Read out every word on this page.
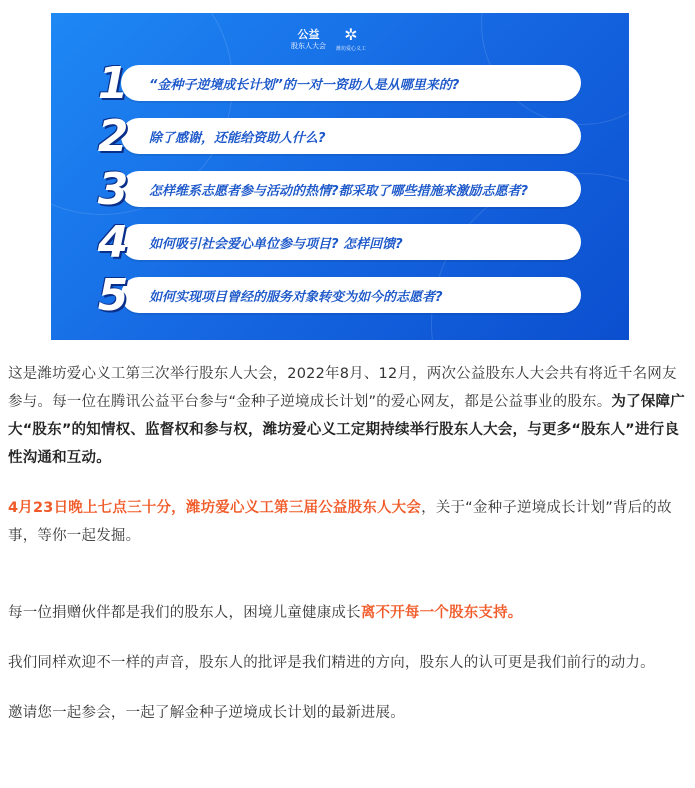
公益
股东人大会
✲
潍坊爱心义工
1	“金种子逆境成长计划”的一对一资助人是从哪里来的?
2	除了感谢，还能给资助人什么?
3	怎样维系志愿者参与活动的热情?都采取了哪些措施来激励志愿者?
4	如何吸引社会爱心单位参与项目? 怎样回馈?
5	如何实现项目曾经的服务对象转变为如今的志愿者?

这是潍坊爱心义工第三次举行股东人大会，2022年8月、12月，两次公益股东人大会共有将近千名网友参与。每一位在腾讯公益平台参与“金种子逆境成长计划”的爱心网友，都是公益事业的股东。为了保障广大“股东”的知情权、监督权和参与权，潍坊爱心义工定期持续举行股东人大会，与更多“股东人”进行良性沟通和互动。

4月23日晚上七点三十分，潍坊爱心义工第三届公益股东人大会，关于“金种子逆境成长计划”背后的故事，等你一起发掘。

每一位捐赠伙伴都是我们的股东人，困境儿童健康成长离不开每一个股东支持。

我们同样欢迎不一样的声音，股东人的批评是我们精进的方向，股东人的认可更是我们前行的动力。

邀请您一起参会，一起了解金种子逆境成长计划的最新进展。
